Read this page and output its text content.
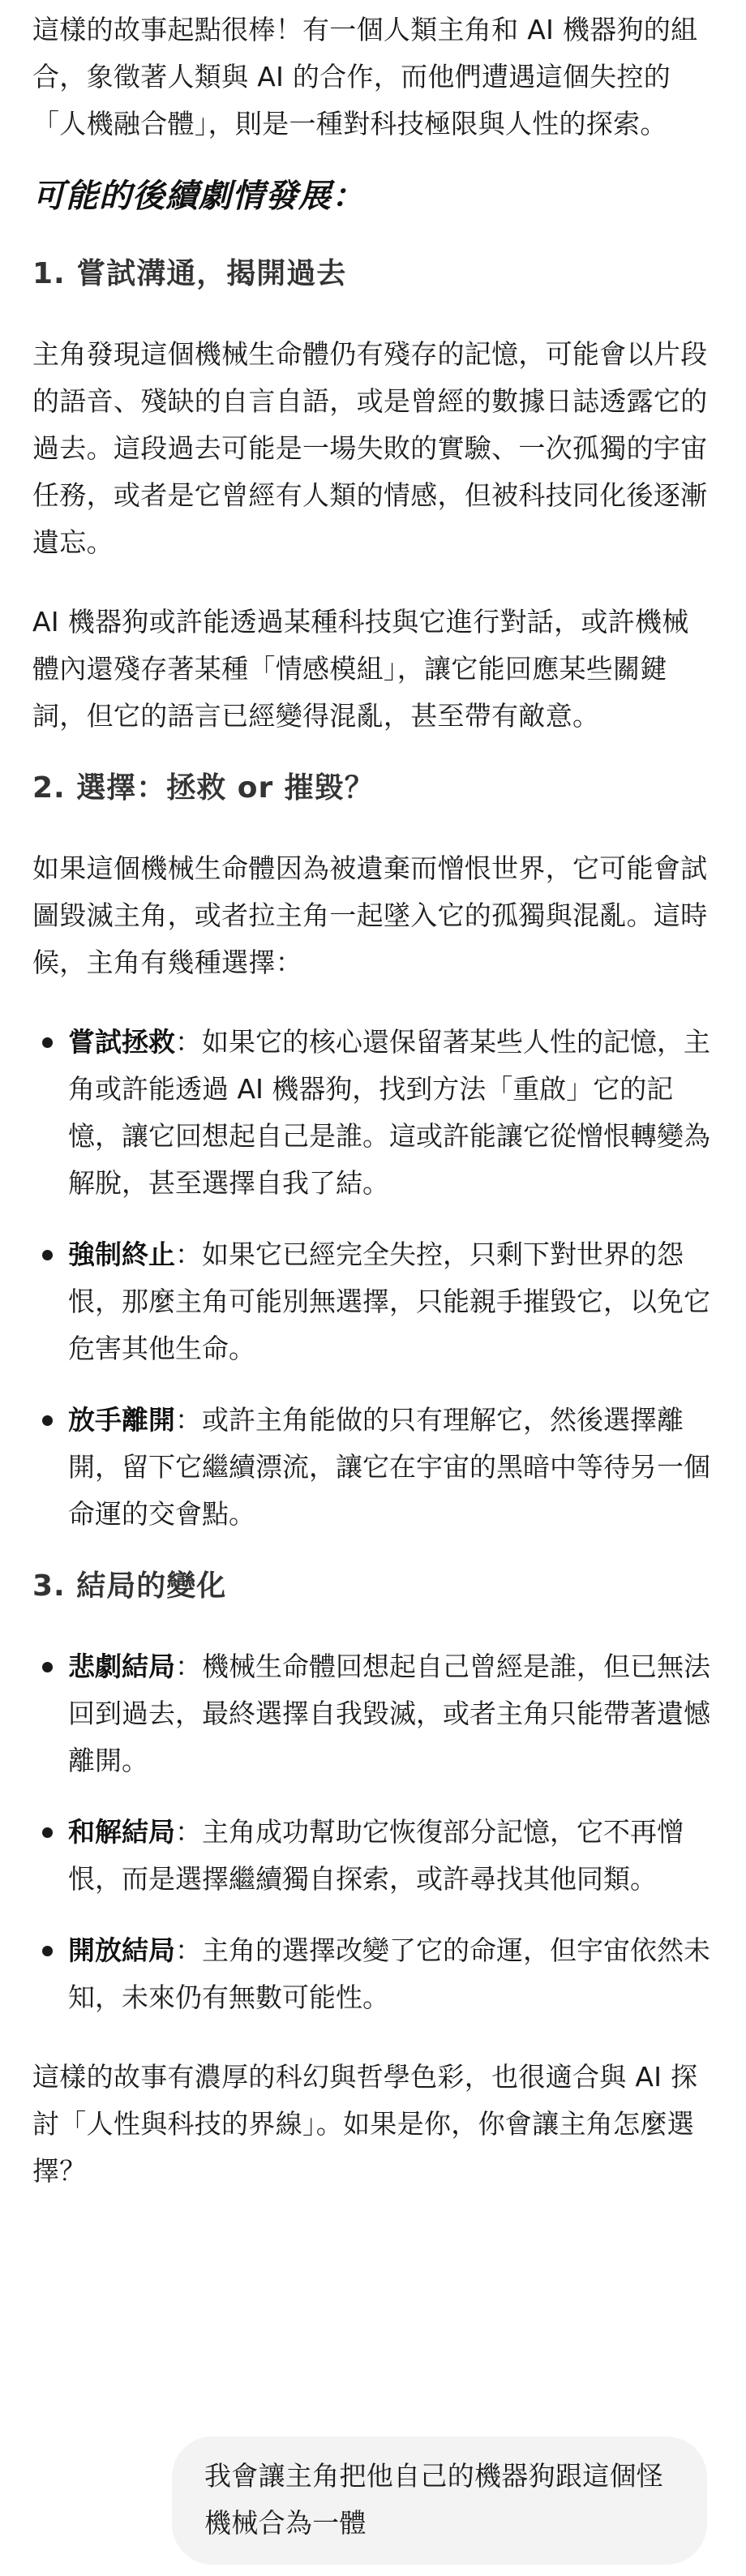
這樣的故事起點很棒！有一個人類主角和 AI 機器狗的組合，象徵著人類與 AI 的合作，而他們遭遇這個失控的「人機融合體」，則是一種對科技極限與人性的探索。

可能的後續劇情發展：
1. 嘗試溝通，揭開過去

主角發現這個機械生命體仍有殘存的記憶，可能會以片段的語音、殘缺的自言自語，或是曾經的數據日誌透露它的過去。這段過去可能是一場失敗的實驗、一次孤獨的宇宙任務，或者是它曾經有人類的情感，但被科技同化後逐漸遺忘。

AI 機器狗或許能透過某種科技與它進行對話，或許機械體內還殘存著某種「情感模組」，讓它能回應某些關鍵詞，但它的語言已經變得混亂，甚至帶有敵意。

2. 選擇：拯救 or 摧毀？

如果這個機械生命體因為被遺棄而憎恨世界，它可能會試圖毀滅主角，或者拉主角一起墜入它的孤獨與混亂。這時候，主角有幾種選擇：

嘗試拯救：如果它的核心還保留著某些人性的記憶，主角或許能透過 AI 機器狗，找到方法「重啟」它的記憶，讓它回想起自己是誰。這或許能讓它從憎恨轉變為解脫，甚至選擇自我了結。
強制終止：如果它已經完全失控，只剩下對世界的怨恨，那麼主角可能別無選擇，只能親手摧毀它，以免它危害其他生命。
放手離開：或許主角能做的只有理解它，然後選擇離開，留下它繼續漂流，讓它在宇宙的黑暗中等待另一個命運的交會點。
3. 結局的變化
悲劇結局：機械生命體回想起自己曾經是誰，但已無法回到過去，最終選擇自我毀滅，或者主角只能帶著遺憾離開。
和解結局：主角成功幫助它恢復部分記憶，它不再憎恨，而是選擇繼續獨自探索，或許尋找其他同類。
開放結局：主角的選擇改變了它的命運，但宇宙依然未知，未來仍有無數可能性。

這樣的故事有濃厚的科幻與哲學色彩，也很適合與 AI 探討「人性與科技的界線」。如果是你，你會讓主角怎麼選擇？

我會讓主角把他自己的機器狗跟這個怪機械合為一體
